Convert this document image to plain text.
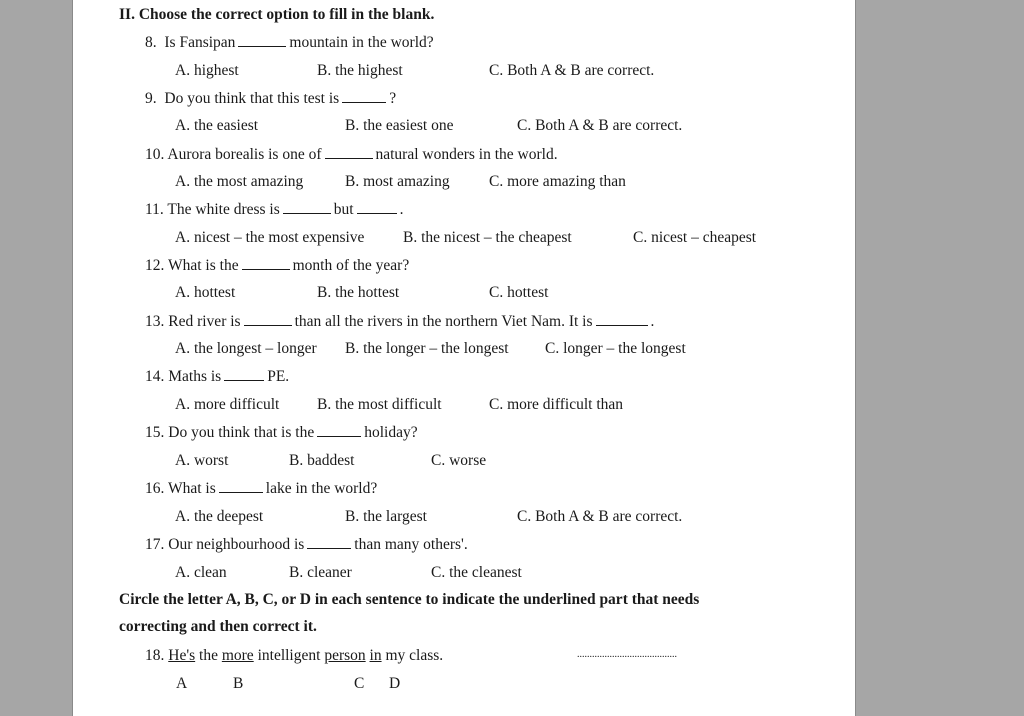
II. Choose the correct option to fill in the blank.
8. Is Fansipan	mountain in the world?
A. highest	B. the highest	C. Both A & B are correct.
9. Do you think that this test is	?
A. the easiest	B. the easiest one	C. Both A & B are correct.
10. Aurora borealis is one of	natural wonders in the world.
A. the most amazing	B. most amazing	C. more amazing than
11. The white dress is	but	.
A. nicest – the most expensive B. the nicest – the cheapest	C. nicest – cheapest
12. What is the	month of the year?
A. hottest	B. the hottest	C. hottest
13. Red river is	than all the rivers in the northern Viet Nam. It is	.
A. the longest – longer B. the longer – the longest C. longer – the longest
14. Maths is	PE.
A. more difficult B. the most difficult	C. more difficult than
15. Do you think that is the	holiday?
A. worst	B. baddest	C. worse
16. What is	lake in the world?
A. the deepest	B. the largest	C. Both A & B are correct.
17. Our neighbourhood is	than many others'.
A. clean	B. cleaner	C. the cleanest
Circle the letter A, B, C, or D in each sentence to indicate the underlined part that needs
correcting and then correct it.
18. He's the more intelligent person in my class.	........................................
A	B	C D
